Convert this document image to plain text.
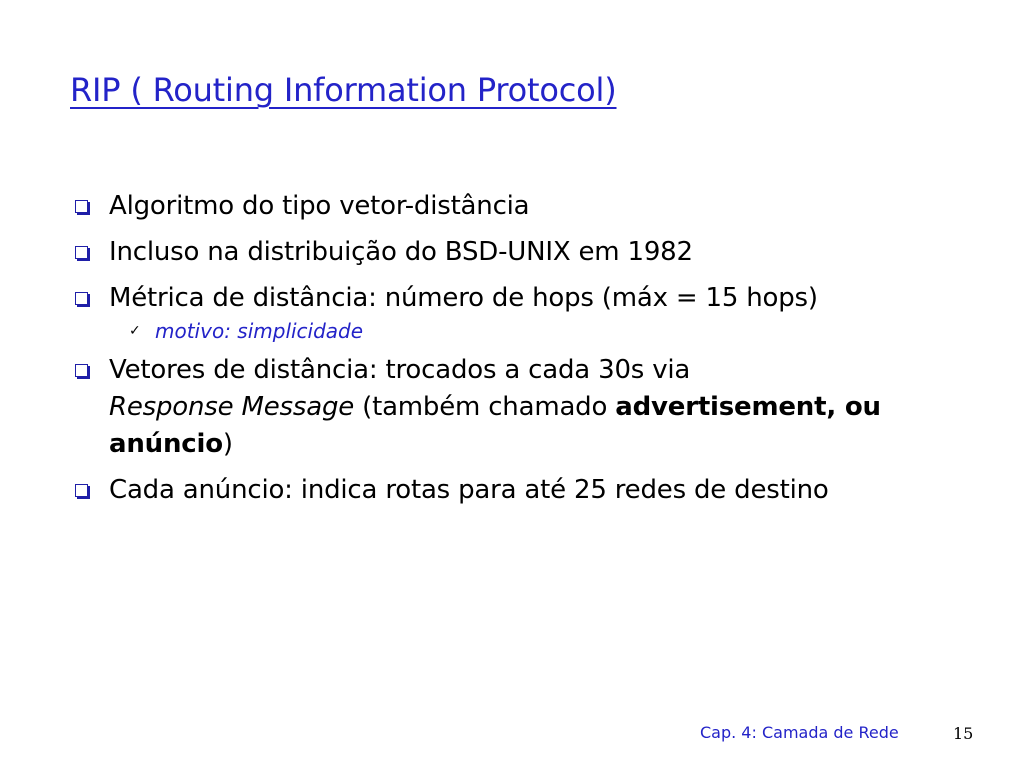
RIP ( Routing Information Protocol)
Algoritmo do tipo vetor-distância
Incluso na distribuição do BSD-UNIX em 1982
Métrica de distância: número de hops (máx = 15 hops)
✓ motivo: simplicidade
Vetores de distância: trocados a cada 30s via
Response Message (também chamado advertisement, ou anúncio)
Cada anúncio: indica rotas para até 25 redes de destino
Cap. 4: Camada de Rede	15
